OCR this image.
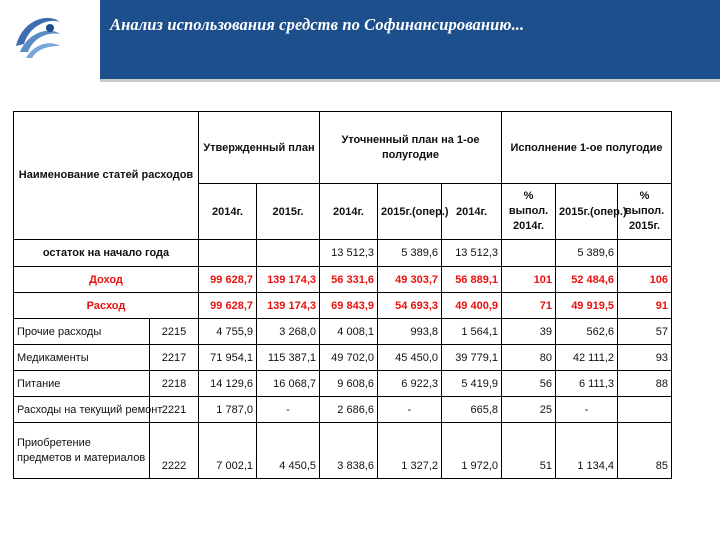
Анализ использования средств по Софинансированию...
Наименование статей расходов		Утвержденный план		Уточненный план на 1-ое полугодие			Исполнение 1-ое полугодие		
		2014г.	2015г.	2014г.	2015г.(опер.)	2014г.	% выпол. 2014г.	2015г.(опер.)	% выпол. 2015г.
остаток на начало года				13 512,3	5 389,6	13 512,3		5 389,6	
Доход		99 628,7	139 174,3	56 331,6	49 303,7	56 889,1	101	52 484,6	106
Расход		99 628,7	139 174,3	69 843,9	54 693,3	49 400,9	71	49 919,5	91
Прочие расходы	2215	4 755,9	3 268,0	4 008,1	993,8	1 564,1	39	562,6	57
Медикаменты	2217	71 954,1	115 387,1	49 702,0	45 450,0	39 779,1	80	42 111,2	93
Питание	2218	14 129,6	16 068,7	9 608,6	6 922,3	5 419,9	56	6 111,3	88
Расходы на текущий ремонт	2221	1 787,0	-	2 686,6	-	665,8	25	-	
Приобретение предметов и материалов	2222	7 002,1	4 450,5	3 838,6	1 327,2	1 972,0	51	1 134,4	85
